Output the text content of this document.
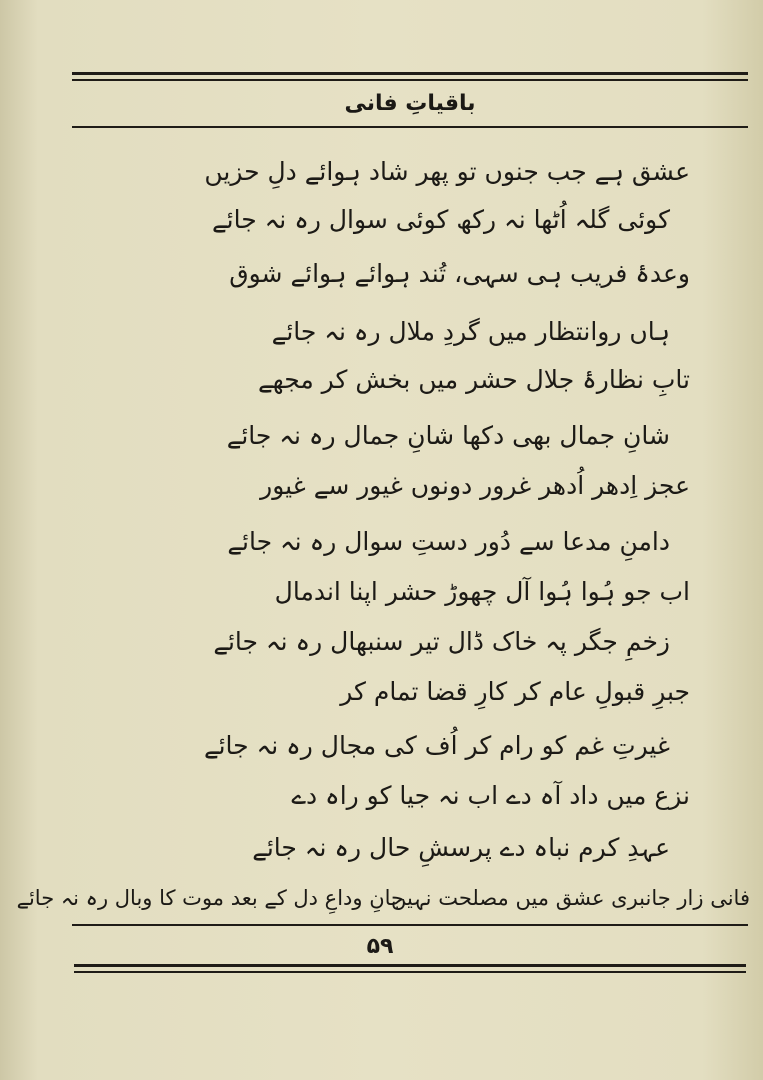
باقیاتِ فانی
عشق ہے جب جنوں تو پھر شاد ہوائے دلِ حزیں
کوئی گلہ اُٹھا نہ رکھ کوئی سوال رہ نہ جائے
وعدۂ فریب ہی سہی، تُند ہوائے ہوائے شوق
ہاں روانتظار میں گردِ ملال رہ نہ جائے
تابِ نظارۂ جلال حشر میں بخش کر مجھے
شانِ جمال بھی دکھا شانِ جمال رہ نہ جائے
عجز اِدھر اُدھر غرور دونوں غیور سے غیور
دامنِ مدعا سے دُور دستِ سوال رہ نہ جائے
اب جو ہُوا ہُوا آل چھوڑ حشر اپنا اندمال
زخمِ جگر پہ خاک ڈال تیر سنبھال رہ نہ جائے
جبرِ قبولِ عام کر کارِ قضا تمام کر
غیرتِ غم کو رام کر اُف کی مجال رہ نہ جائے
نزع میں داد آہ دے اب نہ جیا کو راہ دے
عہدِ کرم نباہ دے پرسشِ حال رہ نہ جائے
فانی زار جانبری عشق میں مصلحت نہیں
جانِ وداعِ دل کے بعد موت کا وبال رہ نہ جائے
۵۹
